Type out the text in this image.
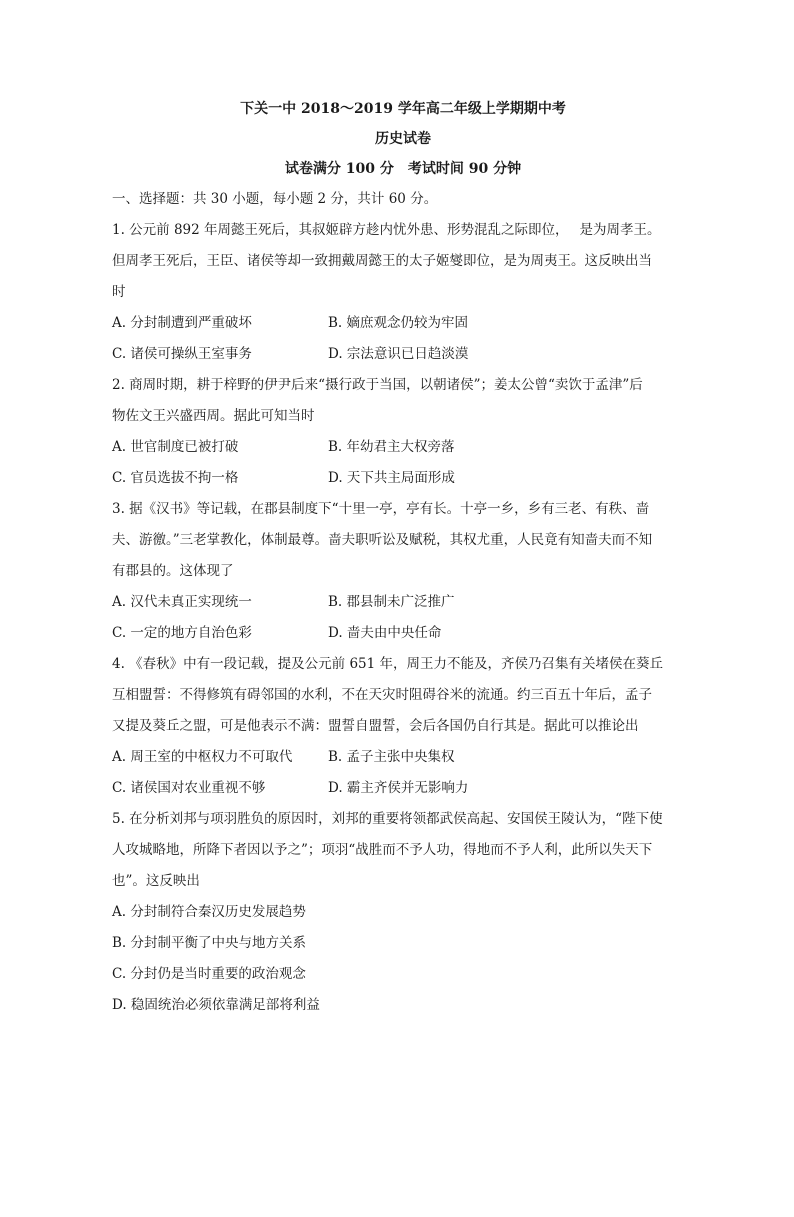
下关一中 2018～2019 学年高二年级上学期期中考
历史试卷
试卷满分 100 分　考试时间 90 分钟

一、选择题：共 30 小题，每小题 2 分，共计 60 分。

1. 公元前 892 年周懿王死后，其叔姬辟方趁内忧外患、形势混乱之际即位，　 是为周孝王。

但周孝王死后，王臣、诸侯等却一致拥戴周懿王的太子姬燮即位，是为周夷王。这反映出当

时

A. 分封制遭到严重破坏	B. 嫡庶观念仍较为牢固
C. 诸侯可操纵王室事务	D. 宗法意识已日趋淡漠

2. 商周时期，耕于梓野的伊尹后来“摄行政于当国，以朝诸侯”；姜太公曾“卖饮于孟津”后

物佐文王兴盛西周。据此可知当时

A. 世官制度已被打破	B. 年幼君主大权旁落
C. 官员选拔不拘一格	D. 天下共主局面形成

3. 据《汉书》等记载，在郡县制度下“十里一亭，亭有长。十亭一乡，乡有三老、有秩、啬

夫、游徼。”三老掌教化，体制最尊。啬夫职听讼及赋税，其权尤重，人民竟有知啬夫而不知

有郡县的。这体现了

A. 汉代未真正实现统一	B. 郡县制未广泛推广
C. 一定的地方自治色彩	D. 啬夫由中央任命

4. 《春秋》中有一段记载，提及公元前 651 年，周王力不能及，齐侯乃召集有关堵侯在葵丘

互相盟誓：不得修筑有碍邻国的水利，不在天灾时阻碍谷米的流通。约三百五十年后，孟子

又提及葵丘之盟，可是他表示不满：盟誓自盟誓，会后各国仍自行其是。据此可以推论出

A. 周王室的中枢权力不可取代	B. 孟子主张中央集权
C. 诸侯国对农业重视不够	D. 霸主齐侯并无影响力

5. 在分析刘邦与项羽胜负的原因时，刘邦的重要将领都武侯高起、安国侯王陵认为，“陛下使

人攻城略地，所降下者因以予之”；项羽“战胜而不予人功，得地而不予人利，此所以失天下

也”。这反映出

A. 分封制符合秦汉历史发展趋势
B. 分封制平衡了中央与地方关系
C. 分封仍是当时重要的政治观念
D. 稳固统治必须依靠满足部将利益
